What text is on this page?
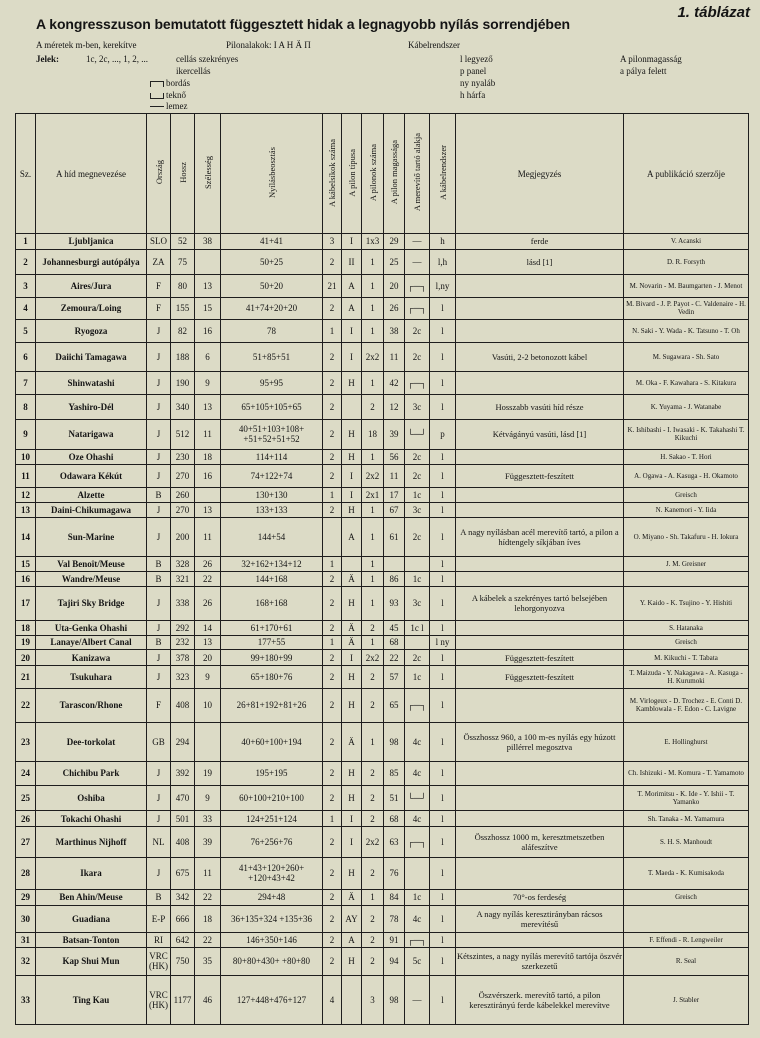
1. táblázat
A kongresszuson bemutatott függesztett hidak a legnagyobb nyílás sorrendjében
A méretek m-ben, kerekítve	Pilonalakok: I A H Ä Π	Kábelrendszer
Jelek:	1c, 2c, ..., 1, 2, ...	cellás szekrényes
ikercellás
bordás
teknő
lemez
l legyező
p panel
ny nyaláb
h hárfa
A pilonmagasság
a pálya felett
Sz.	A híd megnevezése	Ország	Hossz	Szélesség	Nyílásbeosztás	A kábelsíkok száma	A pilon típusa	A pilonok száma	A pilon magassága	A merevítő tartó alakja	A kábelrendszer	Megjegyzés	A publikáció szerzője
1	Ljubljanica	SLO	52	38	41+41	3	I	1x3	29	—	h	ferde	V. Acanski
2	Johannesburgi autópálya	ZA	75		50+25	2	II	1	25	—	l,h	lásd [1]	D. R. Forsyth
3	Aires/Jura	F	80	13	50+20	21	A	1	20	┌─┐	l,ny		M. Novarin - M. Baumgarten - J. Menot
4	Zemoura/Loing	F	155	15	41+74+20+20	2	A	1	26	┌─┐	l		M. Bivard - J. P. Payot - C. Valdenaire - H. Vedin
5	Ryogoza	J	82	16	78	1	I	1	38	2c	l		N. Saki - Y. Wada - K. Tatsuno - T. Oh
6	Daiichi Tamagawa	J	188	6	51+85+51	2	I	2x2	11	2c	l	Vasúti, 2-2 betonozott kábel	M. Sugawara - Sh. Sato
7	Shinwatashi	J	190	9	95+95	2	H	1	42	┌─┐	l		M. Oka - F. Kawahara - S. Kitakura
8	Yashiro-Dél	J	340	13	65+105+105+65	2		2	12	3c	l	Hosszabb vasúti híd része	K. Yuyama - J. Watanabe
9	Natarigawa	J	512	11	40+51+103+108+ +51+52+51+52	2	H	18	39	└─┘	p	Kétvágányú vasúti, lásd [1]	K. Ishibashi - I. Iwasaki - K. Takahashi T. Kikuchi
10	Oze Ohashi	J	230	18	114+114	2	H	1	56	2c	l		H. Sakao - T. Hori
11	Odawara Kékút	J	270	16	74+122+74	2	I	2x2	11	2c	l	Függesztett-feszített	A. Ogawa - A. Kasuga - H. Okamoto
12	Alzette	B	260		130+130	1	I	2x1	17	1c	l		Greisch
13	Daini-Chikumagawa	J	270	13	133+133	2	H	1	67	3c	l		N. Kanemori - Y. Iida
14	Sun-Marine	J	200	11	144+54		A	1	61	2c	l	A nagy nyílásban acél merevítő tartó, a pilon a hídtengely síkjában íves	O. Miyano - Sh. Takafuru - H. Iokura
15	Val Benoît/Meuse	B	328	26	32+162+134+12	1		1			l		J. M. Greisner
16	Wandre/Meuse	B	321	22	144+168	2	Ä	1	86	1c	l		
17	Tajiri Sky Bridge	J	338	26	168+168	2	H	1	93	3c	l	A kábelek a szekrényes tartó belsejében lehorgonyozva	Y. Kaido - K. Tsujino - Y. Hishiti
18	Uta-Genka Ohashi	J	292	14	61+170+61	2	Ä	2	45	1c l	l		S. Hatanaka
19	Lanaye/Albert Canal	B	232	13	177+55	1	Ä	1	68		l ny		Greisch
20	Kanizawa	J	378	20	99+180+99	2	I	2x2	22	2c	l	Függesztett-feszített	M. Kikuchi - T. Tabata
21	Tsukuhara	J	323	9	65+180+76	2	H	2	57	1c	l	Függesztett-feszített	T. Maizuda - Y. Nakagawa - A. Kasuga - H. Kurumoki
22	Tarascon/Rhone	F	408	10	26+81+192+81+26	2	H	2	65	┌─┐	l		M. Virlogeux - D. Trochez - E. Conti D. Kamblowala - F. Edon - C. Lavigne
23	Dee-torkolat	GB	294		40+60+100+194	2	Ä	1	98	4c	l	Összhossz 960, a 100 m-es nyílás egy húzott pillérrel megosztva	E. Hollinghurst
24	Chichibu Park	J	392	19	195+195	2	H	2	85	4c	l		Ch. Ishizuki - M. Komura - T. Yamamoto
25	Oshiba	J	470	9	60+100+210+100	2	H	2	51	└─┘	l		T. Morimitsu - K. Ide - Y. Ishii - T. Yamanko
26	Tokachi Ohashi	J	501	33	124+251+124	1	I	2	68	4c	l		Sh. Tanaka - M. Yamamura
27	Marthinus Nijhoff	NL	408	39	76+256+76	2	I	2x2	63	┌─┐	l	Összhossz 1000 m, keresztmetszetben aláfeszítve	S. H. S. Manhoudt
28	Ikara	J	675	11	41+43+120+260+ +120+43+42	2	H	2	76		l		T. Maeda - K. Kumisakoda
29	Ben Ahin/Meuse	B	342	22	294+48	2	Ä	1	84	1c	l	70°-os ferdeség	Greisch
30	Guadiana	E-P	666	18	36+135+324 +135+36	2	AY	2	78	4c	l	A nagy nyílás keresztirányban rácsos merevítésű	
31	Batsan-Tonton	RI	642	22	146+350+146	2	A	2	91	┌─┐	l		F. Effendi - R. Lengweiler
32	Kap Shui Mun	VRC (HK)	750	35	80+80+430+ +80+80	2	H	2	94	5c	l	Kétszintes, a nagy nyílás merevítő tartója öszvér szerkezetű	R. Seal
33	Ting Kau	VRC (HK)	1177	46	127+448+476+127	4		3	98	—	l	Öszvérszerk. merevítő tartó, a pilon keresztirányú ferde kábelekkel merevítve	J. Stabler
